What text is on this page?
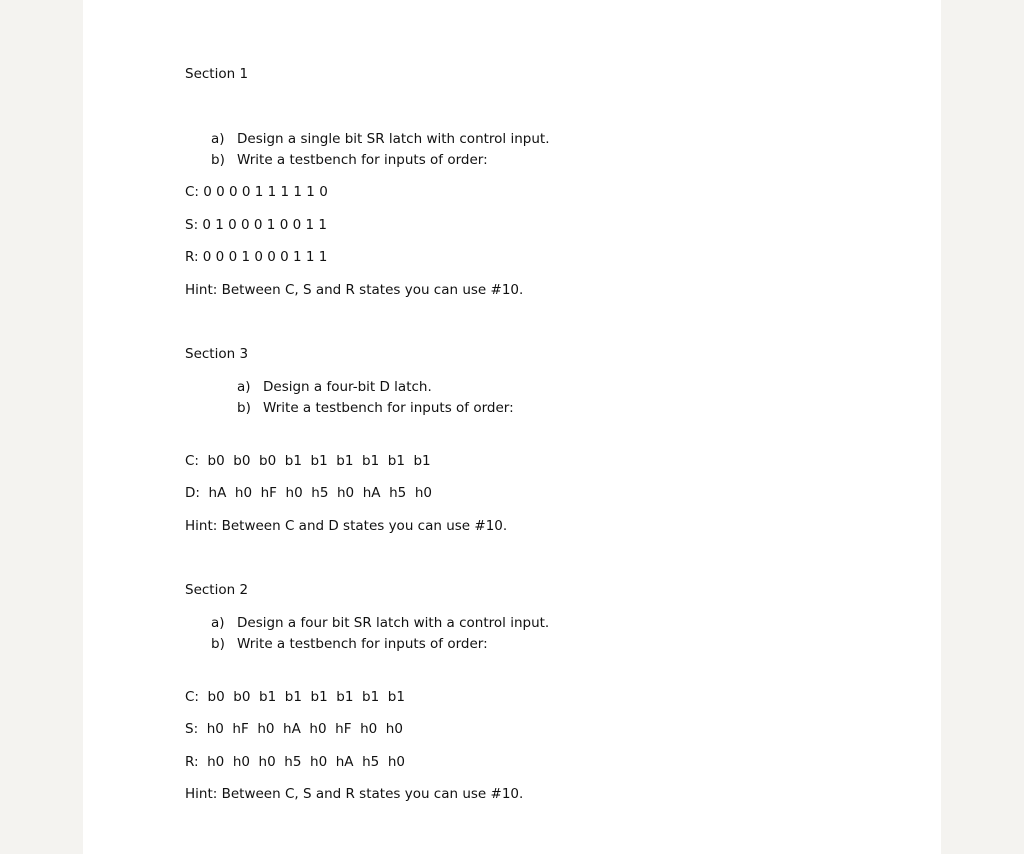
Section 1
a) Design a single bit SR latch with control input.
b) Write a testbench for inputs of order:
C: 0 0 0 0 1 1 1 1 1 0
S: 0 1 0 0 0 1 0 0 1 1
R: 0 0 0 1 0 0 0 1 1 1
Hint: Between C, S and R states you can use #10.
Section 3
a) Design a four-bit D latch.
b) Write a testbench for inputs of order:
C:  b0  b0  b0  b1  b1  b1  b1  b1  b1
D:  hA  h0  hF  h0  h5  h0  hA  h5  h0
Hint: Between C and D states you can use #10.
Section 2
a) Design a four bit SR latch with a control input.
b) Write a testbench for inputs of order:
C:  b0  b0  b1  b1  b1  b1  b1  b1
S:  h0  hF  h0  hA  h0  hF  h0  h0
R:  h0  h0  h0  h5  h0  hA  h5  h0
Hint: Between C, S and R states you can use #10.
